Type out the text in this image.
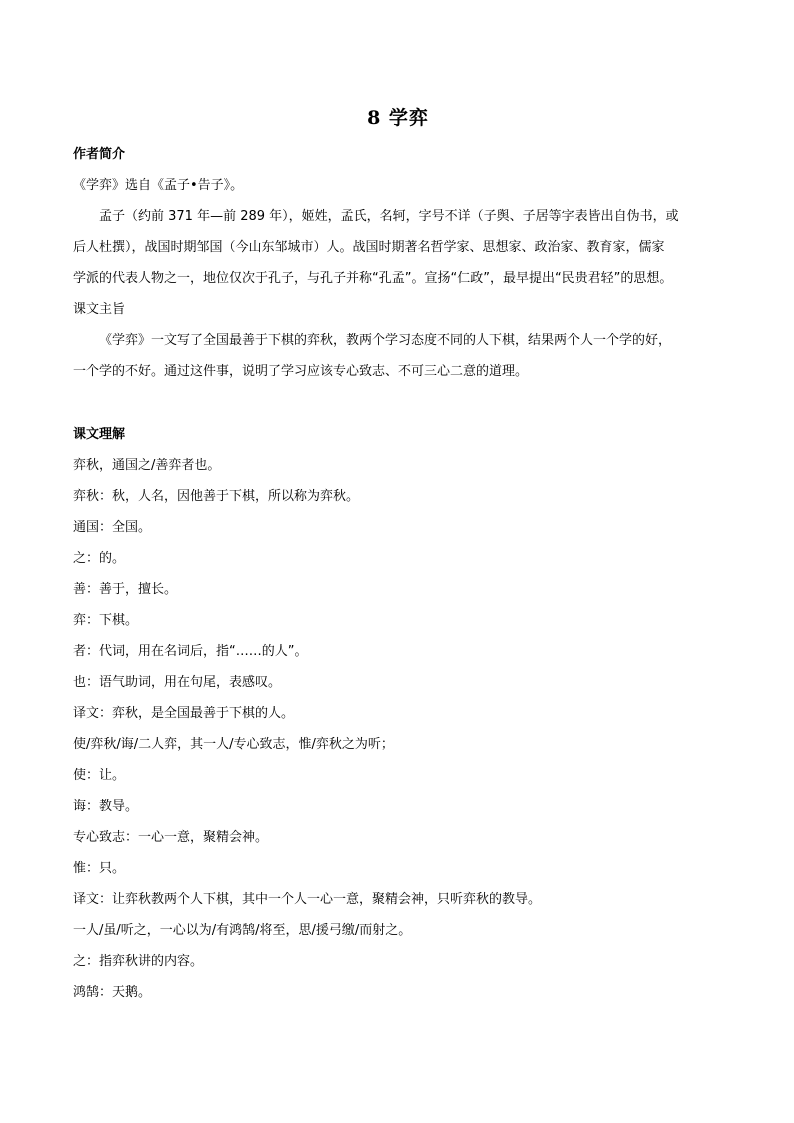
8 学弈
作者简介
《学弈》选自《孟子•告子》。
孟子（约前 371 年—前 289 年），姬姓，孟氏，名轲，字号不详（子舆、子居等字表皆出自伪书，或
后人杜撰），战国时期邹国（今山东邹城市）人。战国时期著名哲学家、思想家、政治家、教育家，儒家
学派的代表人物之一，地位仅次于孔子，与孔子并称“孔孟”。宣扬“仁政”，最早提出“民贵君轻”的思想。
课文主旨
《学弈》一文写了全国最善于下棋的弈秋，教两个学习态度不同的人下棋，结果两个人一个学的好，
一个学的不好。通过这件事，说明了学习应该专心致志、不可三心二意的道理。
课文理解
弈秋，通国之/善弈者也。
弈秋：秋，人名，因他善于下棋，所以称为弈秋。
通国：全国。
之：的。
善：善于，擅长。
弈：下棋。
者：代词，用在名词后，指“……的人”。
也：语气助词，用在句尾，表感叹。
译文：弈秋，是全国最善于下棋的人。
使/弈秋/诲/二人弈，其一人/专心致志，惟/弈秋之为听；
使：让。
诲：教导。
专心致志：一心一意，聚精会神。
惟：只。
译文：让弈秋教两个人下棋，其中一个人一心一意，聚精会神，只听弈秋的教导。
一人/虽/听之，一心以为/有鸿鹄/将至，思/援弓缴/而射之。
之：指弈秋讲的内容。
鸿鹄：天鹅。
